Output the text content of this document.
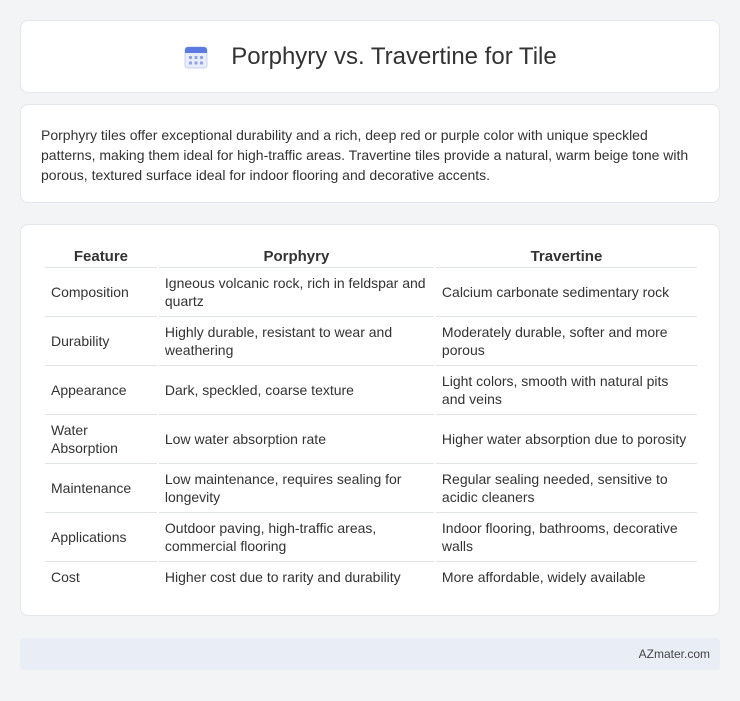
Porphyry vs. Travertine for Tile

Porphyry tiles offer exceptional durability and a rich, deep red or purple color with unique speckled patterns, making them ideal for high-traffic areas. Travertine tiles provide a natural, warm beige tone with porous, textured surface ideal for indoor flooring and decorative accents.

Feature	Porphyry	Travertine
Composition	Igneous volcanic rock, rich in feldspar and quartz	Calcium carbonate sedimentary rock
Durability	Highly durable, resistant to wear and weathering	Moderately durable, softer and more porous
Appearance	Dark, speckled, coarse texture	Light colors, smooth with natural pits and veins
Water Absorption	Low water absorption rate	Higher water absorption due to porosity
Maintenance	Low maintenance, requires sealing for longevity	Regular sealing needed, sensitive to acidic cleaners
Applications	Outdoor paving, high-traffic areas, commercial flooring	Indoor flooring, bathrooms, decorative walls
Cost	Higher cost due to rarity and durability	More affordable, widely available
AZmater.com
